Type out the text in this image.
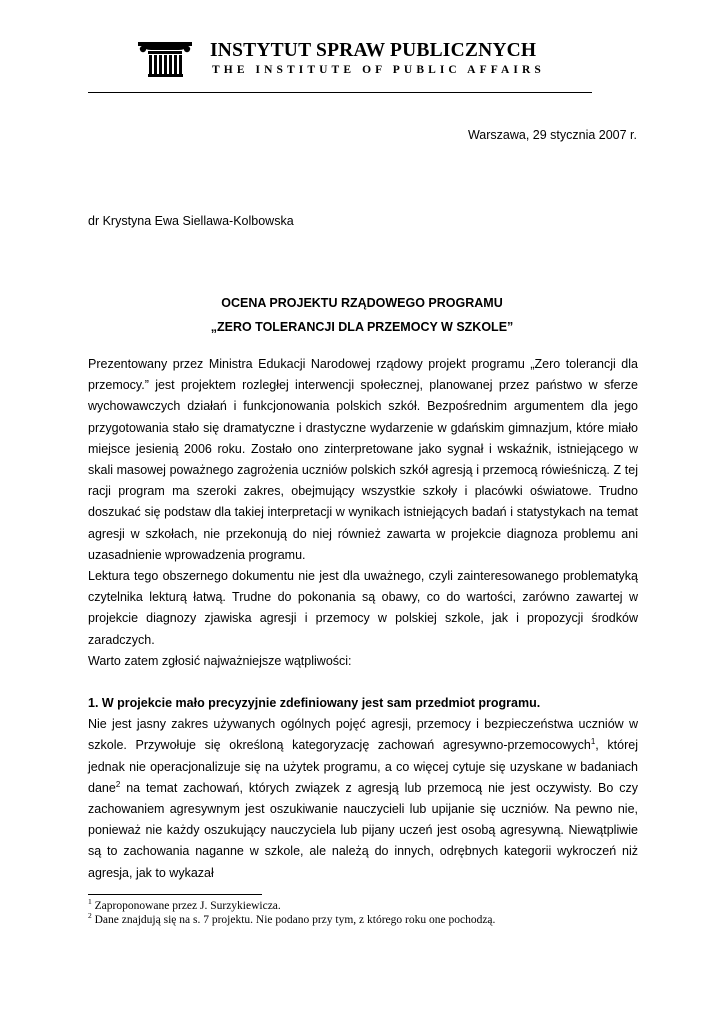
INSTYTUT SPRAW PUBLICZNYCH
THE INSTITUTE OF PUBLIC AFFAIRS
Warszawa, 29 stycznia 2007 r.
dr Krystyna Ewa Siellawa-Kolbowska
OCENA PROJEKTU RZĄDOWEGO PROGRAMU
„ZERO TOLERANCJI DLA PRZEMOCY W SZKOLE”

Prezentowany przez Ministra Edukacji Narodowej rządowy projekt programu „Zero tolerancji dla przemocy.” jest projektem rozległej interwencji społecznej, planowanej przez państwo w sferze wychowawczych działań i funkcjonowania polskich szkół. Bezpośrednim argumentem dla jego przygotowania stało się dramatyczne i drastyczne wydarzenie w gdańskim gimnazjum, które miało miejsce jesienią 2006 roku. Zostało ono zinterpretowane jako sygnał i wskaźnik, istniejącego w skali masowej poważnego zagrożenia uczniów polskich szkół agresją i przemocą rówieśniczą. Z tej racji program ma szeroki zakres, obejmujący wszystkie szkoły i placówki oświatowe. Trudno doszukać się podstaw dla takiej interpretacji w wynikach istniejących badań i statystykach na temat agresji w szkołach, nie przekonują do niej również zawarta w projekcie diagnoza problemu ani uzasadnienie wprowadzenia programu.

Lektura tego obszernego dokumentu nie jest dla uważnego, czyli zainteresowanego problematyką czytelnika lekturą łatwą. Trudne do pokonania są obawy, co do wartości, zarówno zawartej w projekcie diagnozy zjawiska agresji i przemocy w polskiej szkole, jak i propozycji środków zaradczych.

Warto zatem zgłosić najważniejsze wątpliwości:

1. W projekcie mało precyzyjnie zdefiniowany jest sam przedmiot programu.

Nie jest jasny zakres używanych ogólnych pojęć agresji, przemocy i bezpieczeństwa uczniów w szkole. Przywołuje się określoną kategoryzację zachowań agresywno-przemocowych$^1$, której jednak nie operacjonalizuje się na użytek programu, a co więcej cytuje się uzyskane w badaniach dane$^2$ na temat zachowań, których związek z agresją lub przemocą nie jest oczywisty. Bo czy zachowaniem agresywnym jest oszukiwanie nauczycieli lub upijanie się uczniów. Na pewno nie, ponieważ nie każdy oszukujący nauczyciela lub pijany uczeń jest osobą agresywną. Niewątpliwie są to zachowania naganne w szkole, ale należą do innych, odrębnych kategorii wykroczeń niż agresja, jak to wykazał

$^1$ Zaproponowane przez J. Surzykiewicza.
$^2$ Dane znajdują się na s. 7 projektu. Nie podano przy tym, z którego roku one pochodzą.
